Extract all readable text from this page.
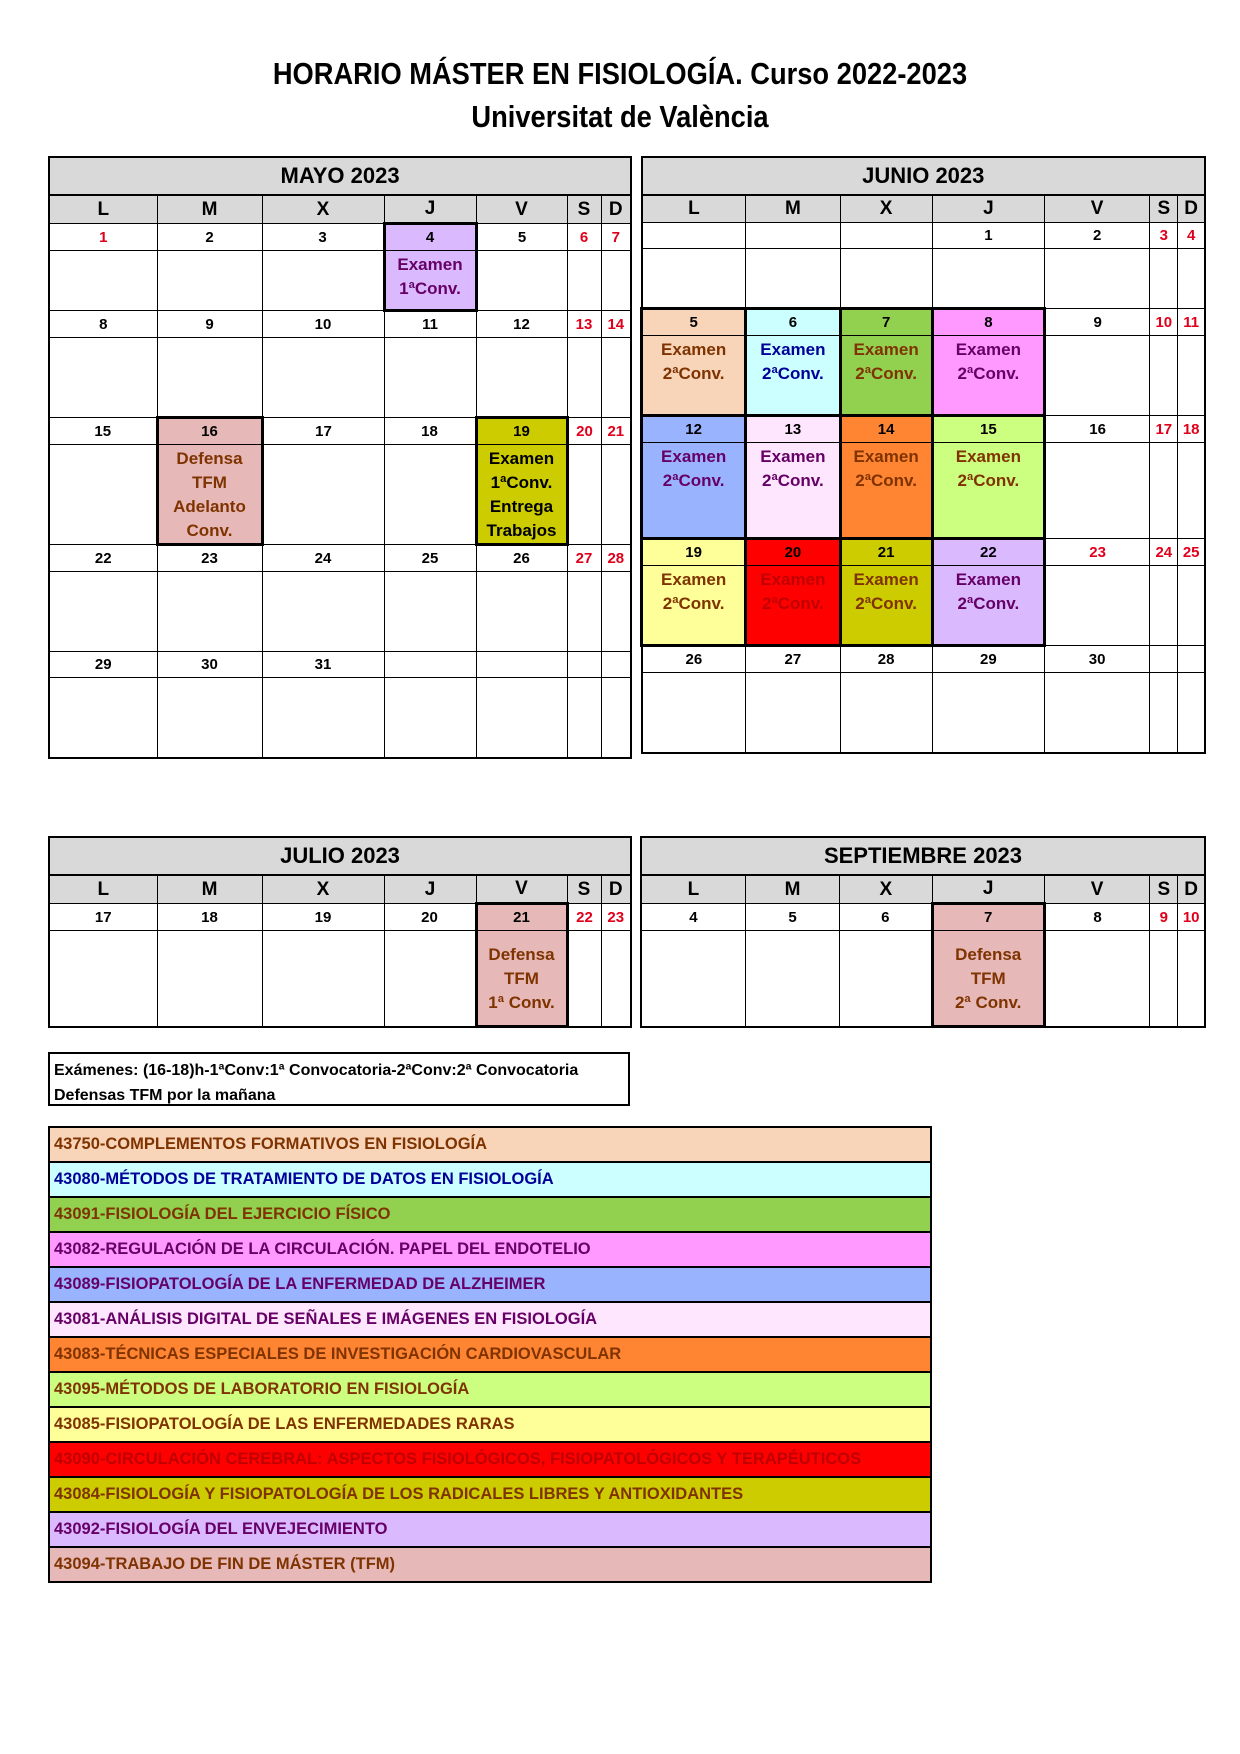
HORARIO MÁSTER EN FISIOLOGÍA. Curso 2022-2023
Universitat de València
MAYO 2023						
L	M	X	J	V	S	D
1	2	3	4	5	6	7

			Examen
1ªConv.			

8	9	10	11	12	13	14

15	16	17	18	19	20	21

	Defensa
TFM
Adelanto
Conv.			Examen
1ªConv.
Entrega
Trabajos		

22	23	24	25	26	27	28

29	30	31				

JUNIO 2023						
L	M	X	J	V	S	D
			1	2	3	4

5	6	7	8	9	10	11

Examen
2ªConv.	Examen
2ªConv.	Examen
2ªConv.	Examen
2ªConv.			

12	13	14	15	16	17	18

Examen
2ªConv.	Examen
2ªConv.	Examen
2ªConv.	Examen
2ªConv.			

19	20	21	22	23	24	25

Examen
2ªConv.	Examen
2ªConv.	Examen
2ªConv.	Examen
2ªConv.			

26	27	28	29	30		

JULIO 2023						
L	M	X	J	V	S	D
17	18	19	20	21	22	23

				Defensa
TFM
1ª Conv.		

SEPTIEMBRE 2023						
L	M	X	J	V	S	D
4	5	6	7	8	9	10

			Defensa
TFM
2ª Conv.			

Exámenes: (16-18)h-1ªConv:1ª Convocatoria-2ªConv:2ª Convocatoria
Defensas TFM por la mañana
43750-COMPLEMENTOS FORMATIVOS EN FISIOLOGÍA
43080-MÉTODOS DE TRATAMIENTO DE DATOS EN FISIOLOGÍA
43091-FISIOLOGÍA DEL EJERCICIO FÍSICO
43082-REGULACIÓN DE LA CIRCULACIÓN. PAPEL DEL ENDOTELIO
43089-FISIOPATOLOGÍA DE LA ENFERMEDAD DE ALZHEIMER
43081-ANÁLISIS DIGITAL DE SEÑALES E IMÁGENES EN FISIOLOGÍA
43083-TÉCNICAS ESPECIALES DE INVESTIGACIÓN CARDIOVASCULAR
43095-MÉTODOS DE LABORATORIO EN FISIOLOGÍA
43085-FISIOPATOLOGÍA DE LAS ENFERMEDADES RARAS
43090-CIRCULACIÓN CEREBRAL: ASPECTOS FISIOLÓGICOS, FISIOPATOLÓGICOS Y TERAPÉUTICOS
43084-FISIOLOGÍA Y FISIOPATOLOGÍA DE LOS RADICALES LIBRES Y ANTIOXIDANTES
43092-FISIOLOGÍA DEL ENVEJECIMIENTO
43094-TRABAJO DE FIN DE MÁSTER (TFM)
